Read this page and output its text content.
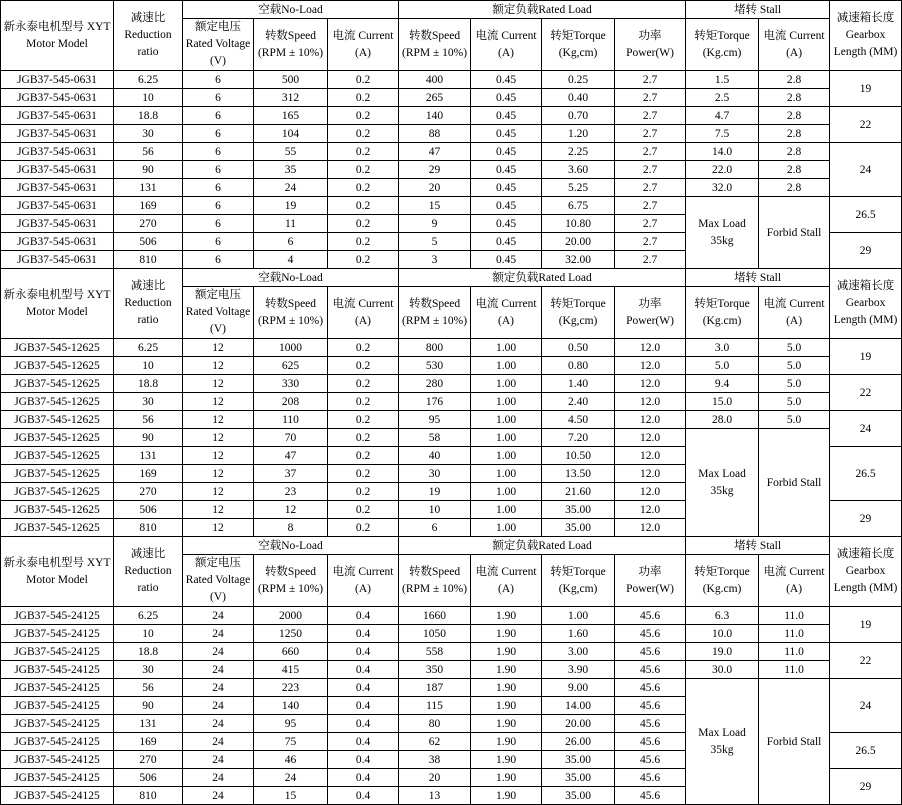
新永泰电机型号 XYT Motor Model	减速比 Reduction ratio	空载No-Load			额定负载Rated Load				堵转 Stall		减速箱长度Gearbox Length (MM)
		额定电压 Rated Voltage (V)	转数Speed (RPM ± 10%)	电流 Current (A)	转数Speed (RPM ± 10%)	电流 Current (A)	转矩Torque (Kg,cm)	功率 Power(W)	转矩Torque (Kg.cm)	电流 Current (A)	
JGB37-545-0631	6.25	6	500	0.2	400	0.45	0.25	2.7	1.5	2.8	19
JGB37-545-0631	10	6	312	0.2	265	0.45	0.40	2.7	2.5	2.8	
JGB37-545-0631	18.8	6	165	0.2	140	0.45	0.70	2.7	4.7	2.8	22
JGB37-545-0631	30	6	104	0.2	88	0.45	1.20	2.7	7.5	2.8	
JGB37-545-0631	56	6	55	0.2	47	0.45	2.25	2.7	14.0	2.8	24
JGB37-545-0631	90	6	35	0.2	29	0.45	3.60	2.7	22.0	2.8	
JGB37-545-0631	131	6	24	0.2	20	0.45	5.25	2.7	32.0	2.8	
JGB37-545-0631	169	6	19	0.2	15	0.45	6.75	2.7	Max Load 35kg	Forbid Stall	26.5
JGB37-545-0631	270	6	11	0.2	9	0.45	10.80	2.7			
JGB37-545-0631	506	6	6	0.2	5	0.45	20.00	2.7			29
JGB37-545-0631	810	6	4	0.2	3	0.45	32.00	2.7			
新永泰电机型号 XYT Motor Model	减速比 Reduction ratio	空载No-Load			额定负载Rated Load				堵转 Stall		减速箱长度Gearbox Length (MM)
		额定电压 Rated Voltage (V)	转数Speed (RPM ± 10%)	电流 Current (A)	转数Speed (RPM ± 10%)	电流 Current (A)	转矩Torque (Kg,cm)	功率 Power(W)	转矩Torque (Kg.cm)	电流 Current (A)	
JGB37-545-12625	6.25	12	1000	0.2	800	1.00	0.50	12.0	3.0	5.0	19
JGB37-545-12625	10	12	625	0.2	530	1.00	0.80	12.0	5.0	5.0	
JGB37-545-12625	18.8	12	330	0.2	280	1.00	1.40	12.0	9.4	5.0	22
JGB37-545-12625	30	12	208	0.2	176	1.00	2.40	12.0	15.0	5.0	
JGB37-545-12625	56	12	110	0.2	95	1.00	4.50	12.0	28.0	5.0	24
JGB37-545-12625	90	12	70	0.2	58	1.00	7.20	12.0	Max Load 35kg	Forbid Stall	
JGB37-545-12625	131	12	47	0.2	40	1.00	10.50	12.0			26.5
JGB37-545-12625	169	12	37	0.2	30	1.00	13.50	12.0			
JGB37-545-12625	270	12	23	0.2	19	1.00	21.60	12.0			
JGB37-545-12625	506	12	12	0.2	10	1.00	35.00	12.0			29
JGB37-545-12625	810	12	8	0.2	6	1.00	35.00	12.0			
新永泰电机型号 XYT Motor Model	减速比 Reduction ratio	空载No-Load			额定负载Rated Load				堵转 Stall		减速箱长度Gearbox Length (MM)
		额定电压 Rated Voltage (V)	转数Speed (RPM ± 10%)	电流 Current (A)	转数Speed (RPM ± 10%)	电流 Current (A)	转矩Torque (Kg,cm)	功率 Power(W)	转矩Torque (Kg.cm)	电流 Current (A)	
JGB37-545-24125	6.25	24	2000	0.4	1660	1.90	1.00	45.6	6.3	11.0	19
JGB37-545-24125	10	24	1250	0.4	1050	1.90	1.60	45.6	10.0	11.0	
JGB37-545-24125	18.8	24	660	0.4	558	1.90	3.00	45.6	19.0	11.0	22
JGB37-545-24125	30	24	415	0.4	350	1.90	3.90	45.6	30.0	11.0	
JGB37-545-24125	56	24	223	0.4	187	1.90	9.00	45.6	Max Load 35kg	Forbid Stall	24
JGB37-545-24125	90	24	140	0.4	115	1.90	14.00	45.6			
JGB37-545-24125	131	24	95	0.4	80	1.90	20.00	45.6			
JGB37-545-24125	169	24	75	0.4	62	1.90	26.00	45.6			26.5
JGB37-545-24125	270	24	46	0.4	38	1.90	35.00	45.6			
JGB37-545-24125	506	24	24	0.4	20	1.90	35.00	45.6			29
JGB37-545-24125	810	24	15	0.4	13	1.90	35.00	45.6			
